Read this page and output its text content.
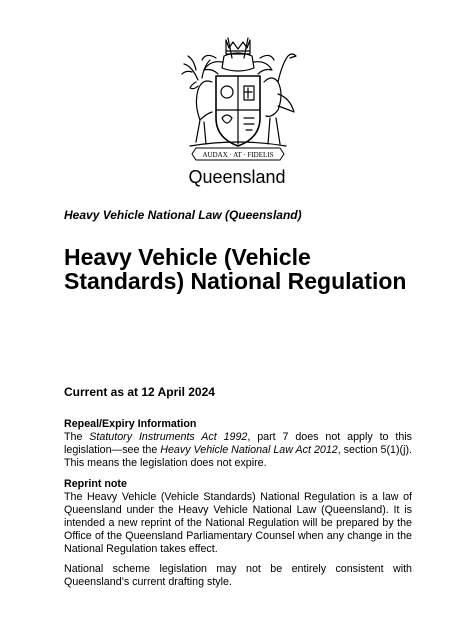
AUDAX · AT · FIDELIS
Queensland
Heavy Vehicle National Law (Queensland)
Heavy Vehicle (Vehicle Standards) National Regulation
Current as at 12 April 2024
Repeal/Expiry Information

The Statutory Instruments Act 1992, part 7 does not apply to this legislation—see the Heavy Vehicle National Law Act 2012, section 5(1)(j). This means the legislation does not expire.

Reprint note

The Heavy Vehicle (Vehicle Standards) National Regulation is a law of Queensland under the Heavy Vehicle National Law (Queensland). It is intended a new reprint of the National Regulation will be prepared by the Office of the Queensland Parliamentary Counsel when any change in the National Regulation takes effect.

National scheme legislation may not be entirely consistent with Queensland’s current drafting style.
